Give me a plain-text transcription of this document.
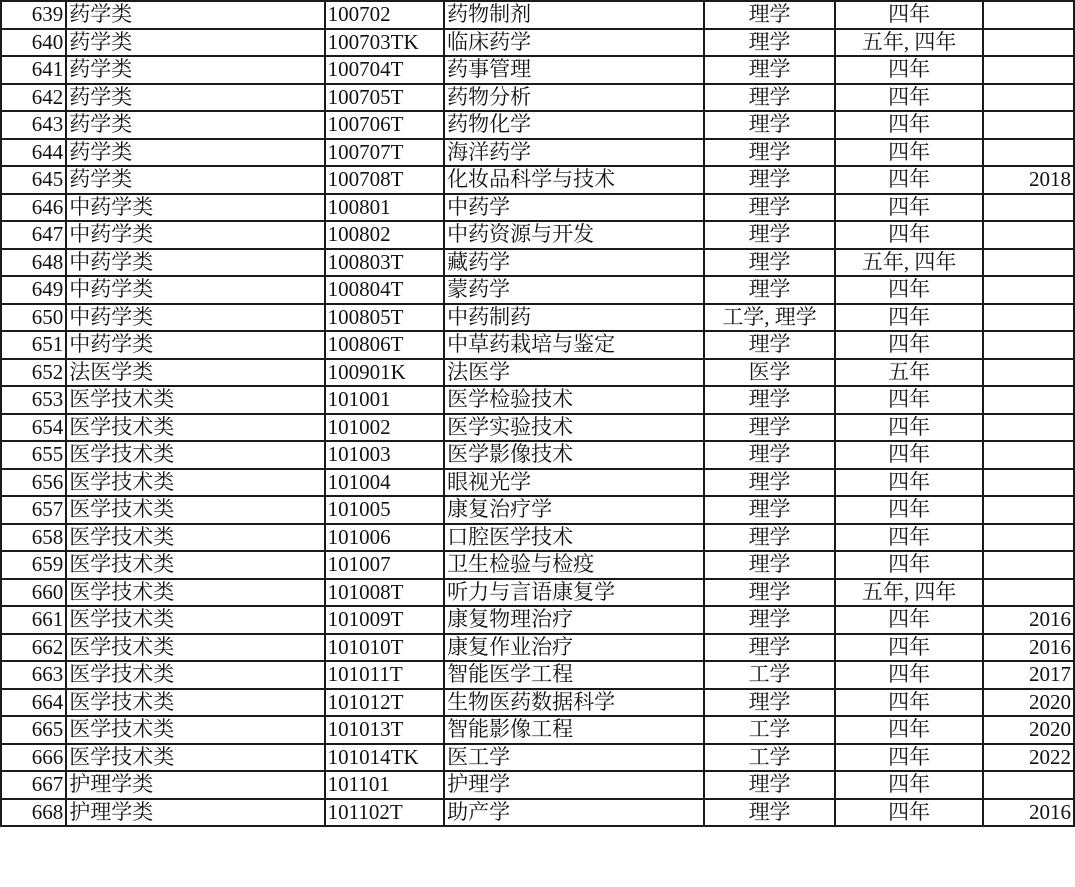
639	药学类	100702	药物制剂	理学	四年	
640	药学类	100703TK	临床药学	理学	五年, 四年	
641	药学类	100704T	药事管理	理学	四年	
642	药学类	100705T	药物分析	理学	四年	
643	药学类	100706T	药物化学	理学	四年	
644	药学类	100707T	海洋药学	理学	四年	
645	药学类	100708T	化妆品科学与技术	理学	四年	2018
646	中药学类	100801	中药学	理学	四年	
647	中药学类	100802	中药资源与开发	理学	四年	
648	中药学类	100803T	藏药学	理学	五年, 四年	
649	中药学类	100804T	蒙药学	理学	四年	
650	中药学类	100805T	中药制药	工学, 理学	四年	
651	中药学类	100806T	中草药栽培与鉴定	理学	四年	
652	法医学类	100901K	法医学	医学	五年	
653	医学技术类	101001	医学检验技术	理学	四年	
654	医学技术类	101002	医学实验技术	理学	四年	
655	医学技术类	101003	医学影像技术	理学	四年	
656	医学技术类	101004	眼视光学	理学	四年	
657	医学技术类	101005	康复治疗学	理学	四年	
658	医学技术类	101006	口腔医学技术	理学	四年	
659	医学技术类	101007	卫生检验与检疫	理学	四年	
660	医学技术类	101008T	听力与言语康复学	理学	五年, 四年	
661	医学技术类	101009T	康复物理治疗	理学	四年	2016
662	医学技术类	101010T	康复作业治疗	理学	四年	2016
663	医学技术类	101011T	智能医学工程	工学	四年	2017
664	医学技术类	101012T	生物医药数据科学	理学	四年	2020
665	医学技术类	101013T	智能影像工程	工学	四年	2020
666	医学技术类	101014TK	医工学	工学	四年	2022
667	护理学类	101101	护理学	理学	四年	
668	护理学类	101102T	助产学	理学	四年	2016
